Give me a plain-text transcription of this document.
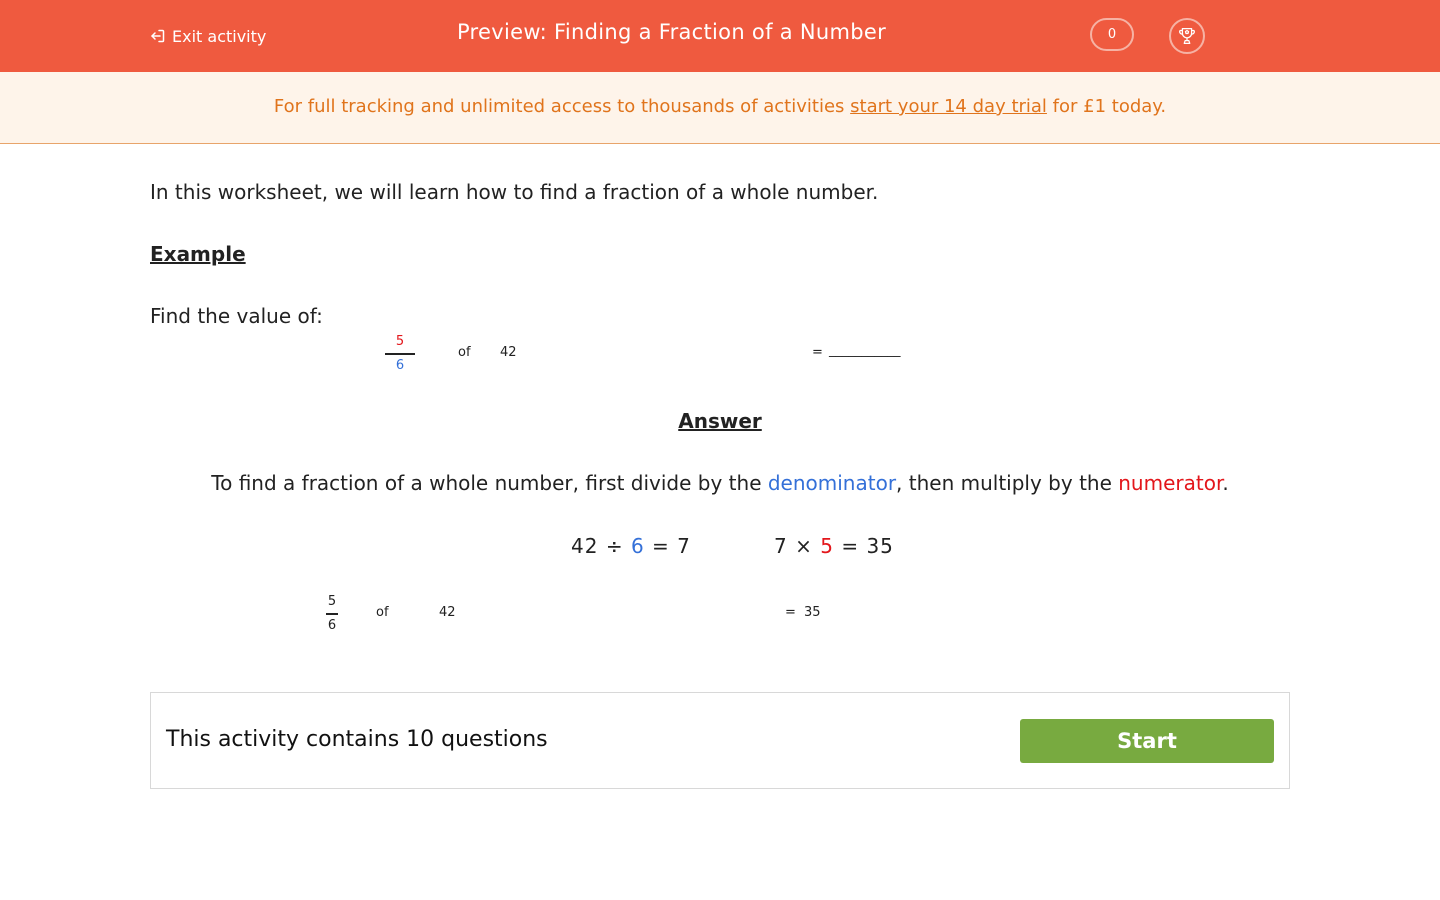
Exit activity	Preview: Finding a Fraction of a Number	0
For full tracking and unlimited access to thousands of activities start your 14 day trial for £1 today.
In this worksheet, we will learn how to find a fraction of a whole number.
Example
Find the value of:
5
6
of 42	= ___________
Answer
To find a fraction of a whole number, first divide by the denominator, then multiply by the numerator.
42 ÷ 6 = 7	7 × 5 = 35
5
6
of	42	= 35
This activity contains 10 questions	Start
